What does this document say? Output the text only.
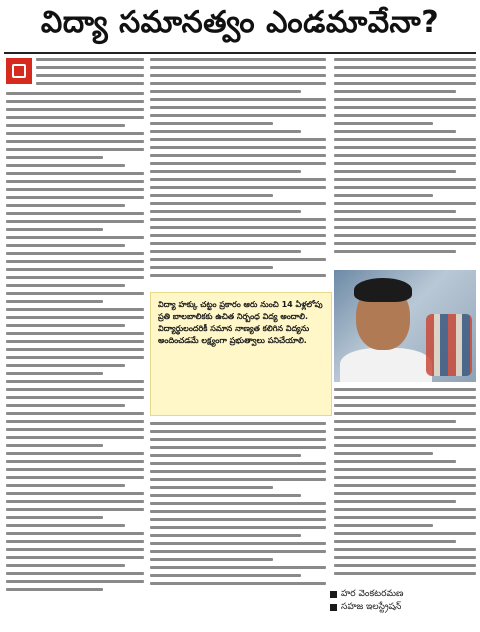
విద్యా సమానత్వం ఎండమావేనా?
విద్యా హక్కు చట్టం ప్రకారం ఆరు నుంచి 14 ఏళ్లలోపు ప్రతి బాలబాలికకు ఉచిత నిర్బంధ విద్య అందాలి. విద్యార్థులందరికీ సమాన నాణ్యత కలిగిన విద్యను అందించడమే లక్ష్యంగా ప్రభుత్వాలు పనిచేయాలి.
హర వెంకటరమణ
సహజ ఇలస్ట్రేషన్
